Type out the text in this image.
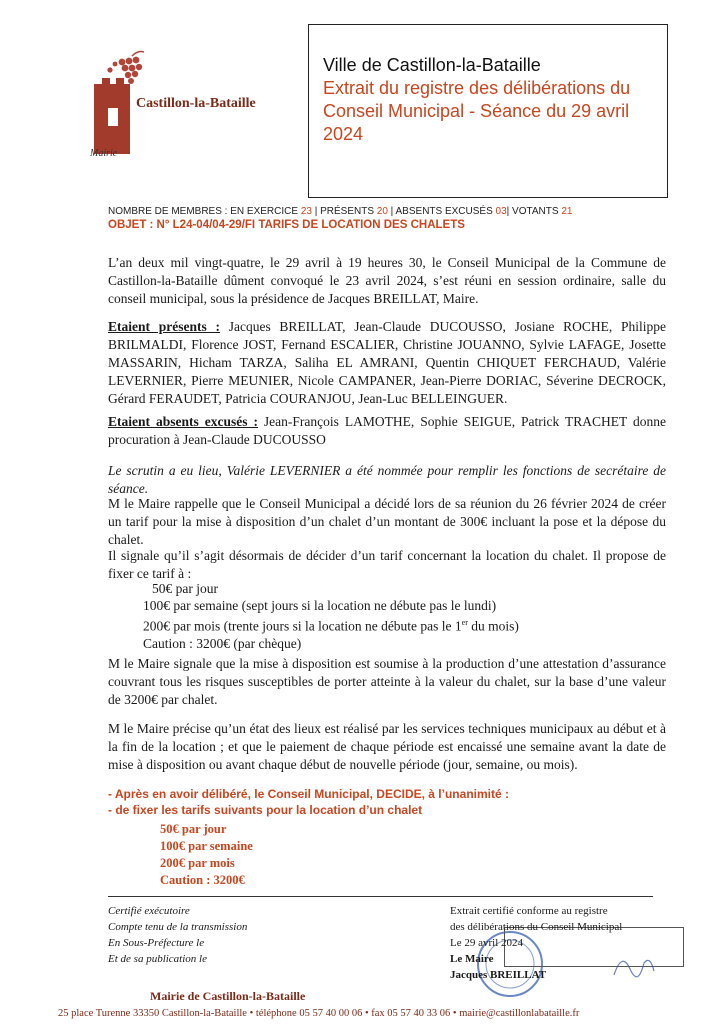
Castillon-la-Bataille
Mairie
Ville de Castillon-la-Bataille
Extrait du registre des délibérations du
Conseil Municipal - Séance du 29 avril
2024
NOMBRE DE MEMBRES : EN EXERCICE 23 | PRÉSENTS 20 | ABSENTS EXCUSÉS 03| VOTANTS 21
OBJET : N° L24-04/04-29/FI TARIFS DE LOCATION DES CHALETS
L’an deux mil vingt-quatre, le 29 avril à 19 heures 30, le Conseil Municipal de la Commune de Castillon-la-Bataille dûment convoqué le 23 avril 2024, s’est réuni en session ordinaire, salle du conseil municipal, sous la présidence de Jacques BREILLAT, Maire.
Etaient présents : Jacques BREILLAT, Jean-Claude DUCOUSSO, Josiane ROCHE, Philippe BRILMALDI, Florence JOST, Fernand ESCALIER, Christine JOUANNO, Sylvie LAFAGE, Josette MASSARIN, Hicham TARZA, Saliha EL AMRANI, Quentin CHIQUET FERCHAUD, Valérie LEVERNIER, Pierre MEUNIER, Nicole CAMPANER, Jean-Pierre DORIAC, Séverine DECROCK, Gérard FERAUDET, Patricia COURANJOU, Jean-Luc BELLEINGUER.
Etaient absents excusés : Jean-François LAMOTHE, Sophie SEIGUE, Patrick TRACHET donne procuration à Jean-Claude DUCOUSSO
Le scrutin a eu lieu, Valérie LEVERNIER a été nommée pour remplir les fonctions de secrétaire de séance.
M le Maire rappelle que le Conseil Municipal a décidé lors de sa réunion du 26 février 2024 de créer un tarif pour la mise à disposition d’un chalet d’un montant de 300€ incluant la pose et la dépose du chalet.
Il signale qu’il s’agit désormais de décider d’un tarif concernant la location du chalet. Il propose de fixer ce tarif à :
50€ par jour
100€ par semaine (sept jours si la location ne débute pas le lundi)
200€ par mois (trente jours si la location ne débute pas le 1er du mois)
Caution : 3200€ (par chèque)
M le Maire signale que la mise à disposition est soumise à la production d’une attestation d’assurance couvrant tous les risques susceptibles de porter atteinte à la valeur du chalet, sur la base d’une valeur de 3200€ par chalet.
M le Maire précise qu’un état des lieux est réalisé par les services techniques municipaux au début et à la fin de la location ; et que le paiement de chaque période est encaissé une semaine avant la date de mise à disposition ou avant chaque début de nouvelle période (jour, semaine, ou mois).
- Après en avoir délibéré, le Conseil Municipal, DECIDE, à l’unanimité :
- de fixer les tarifs suivants pour la location d’un chalet
50€ par jour
100€ par semaine
200€ par mois
Caution : 3200€
Certifié exécutoire
Compte tenu de la transmission
En Sous-Préfecture le
Et de sa publication le
Extrait certifié conforme au registre
des délibérations du Conseil Municipal
Le 29 avril 2024
Le Maire
Jacques BREILLAT
Mairie de Castillon-la-Bataille
25 place Turenne 33350 Castillon-la-Bataille • téléphone 05 57 40 00 06 • fax 05 57 40 33 06 • mairie@castillonlabataille.fr
